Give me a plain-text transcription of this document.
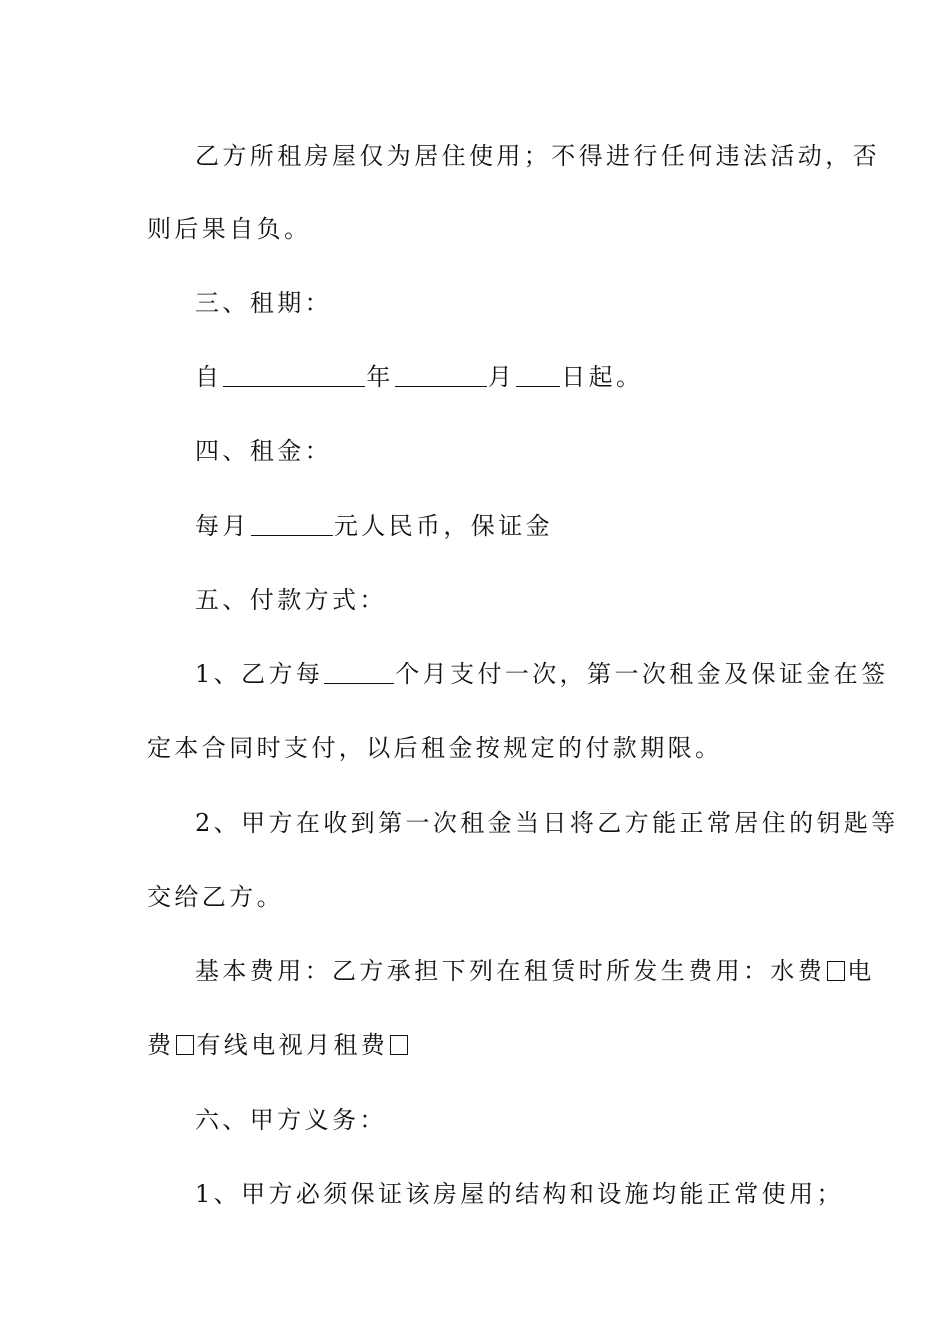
乙方所租房屋仅为居住使用；不得进行任何违法活动，否
则后果自负。
三、租期：
自	年	月 日起。
四、租金：
每月	元人民币，保证金
五、付款方式：
1、乙方每	个月支付一次，第一次租金及保证金在签
定本合同时支付，以后租金按规定的付款期限。
2、甲方在收到第一次租金当日将乙方能正常居住的钥匙等
交给乙方。
基本费用：乙方承担下列在租赁时所发生费用：水费 电
费 有线电视月租费
六、甲方义务：
1、甲方必须保证该房屋的结构和设施均能正常使用；
